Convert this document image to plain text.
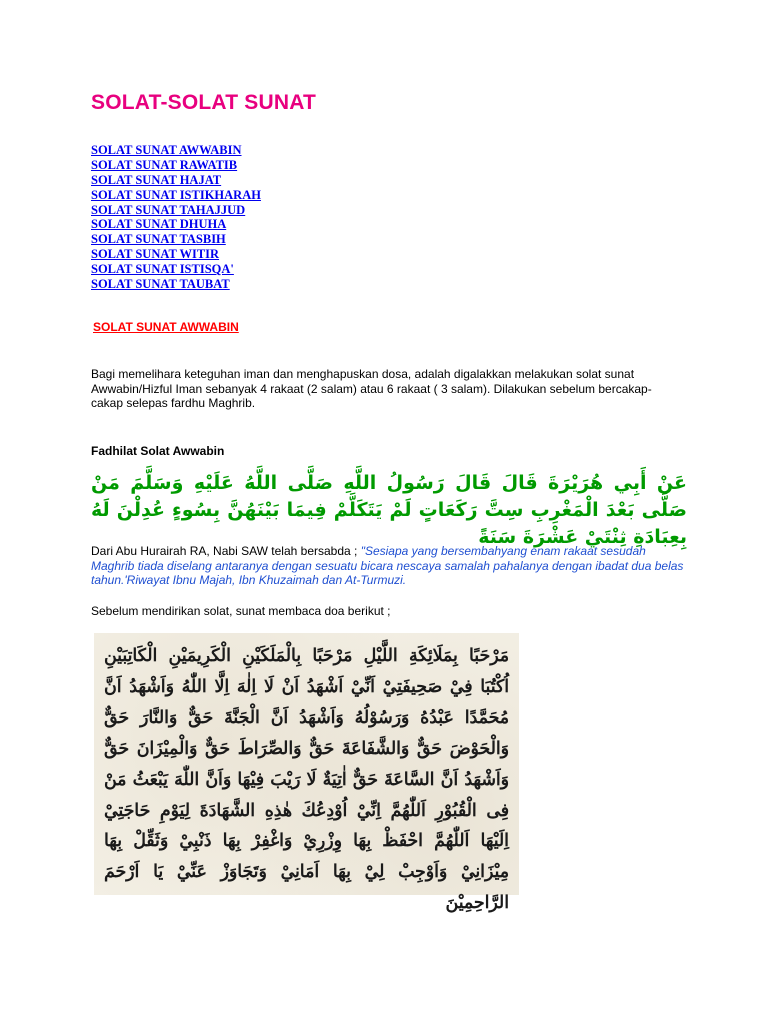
SOLAT-SOLAT SUNAT
SOLAT SUNAT AWWABIN
SOLAT SUNAT RAWATIB
SOLAT SUNAT HAJAT
SOLAT SUNAT ISTIKHARAH
SOLAT SUNAT TAHAJJUD
SOLAT SUNAT DHUHA
SOLAT SUNAT TASBIH
SOLAT SUNAT WITIR
SOLAT SUNAT ISTISQA'
SOLAT SUNAT TAUBAT
SOLAT SUNAT AWWABIN

Bagi memelihara keteguhan iman dan menghapuskan dosa, adalah digalakkan melakukan solat sunat Awwabin/Hizful Iman sebanyak 4 rakaat (2 salam) atau 6 rakaat ( 3 salam). Dilakukan sebelum bercakap-cakap selepas fardhu Maghrib.

Fadhilat Solat Awwabin

عَنْ أَبِي هُرَيْرَةَ قَالَ قَالَ رَسُولُ اللَّهِ صَلَّى اللَّهُ عَلَيْهِ وَسَلَّمَ مَنْ صَلَّى بَعْدَ الْمَغْرِبِ سِتَّ رَكَعَاتٍ لَمْ يَتَكَلَّمْ فِيمَا بَيْنَهُنَّ بِسُوءٍ عُدِلْنَ لَهُ بِعِبَادَةِ ثِنْتَيْ عَشْرَةَ سَنَةً

Dari Abu Hurairah RA, Nabi SAW telah bersabda ; "Sesiapa yang bersembahyang enam rakaat sesudah Maghrib tiada diselang antaranya dengan sesuatu bicara nescaya samalah pahalanya dengan ibadat dua belas tahun.'Riwayat Ibnu Majah, Ibn Khuzaimah dan At-Turmuzi.

Sebelum mendirikan solat, sunat membaca doa berikut ;

مَرْحَبًا بِمَلَائِكَةِ اللَّيْلِ مَرْحَبًا بِالْمَلَكَيْنِ الْكَرِيمَيْنِ الْكَاتِبَيْنِ اُكْتُبَا فِيْ صَحِيفَتِيْ اَنِّيْ اَشْهَدُ اَنْ لَا اِلٰهَ اِلَّا اللّٰهُ وَاَشْهَدُ اَنَّ مُحَمَّدًا عَبْدُهُ وَرَسُوْلُهُ وَاَشْهَدُ اَنَّ الْجَنَّةَ حَقٌّ وَالنَّارَ حَقٌّ وَالْحَوْضَ حَقٌّ وَالشَّفَاعَةَ حَقٌّ وَالصِّرَاطَ حَقٌّ وَالْمِيْزَانَ حَقٌّ وَاَشْهَدُ اَنَّ السَّاعَةَ حَقٌّ اٰتِيَةٌ لَا رَيْبَ فِيْهَا وَاَنَّ اللّٰهَ يَبْعَثُ مَنْ فِى الْقُبُوْرِ اَللّٰهُمَّ اِنِّيْ اُوْدِعُكَ هٰذِهِ الشَّهَادَةَ لِيَوْمِ حَاجَتِيْ اِلَيْهَا اَللّٰهُمَّ احْفَظْ بِهَا وِزْرِيْ وَاغْفِرْ بِهَا ذَنْبِيْ وَثَقِّلْ بِهَا مِيْزَانِيْ وَاَوْجِبْ لِيْ بِهَا اَمَانِيْ وَتَجَاوَزْ عَنِّيْ يَا اَرْحَمَ الرَّاحِمِيْنَ
